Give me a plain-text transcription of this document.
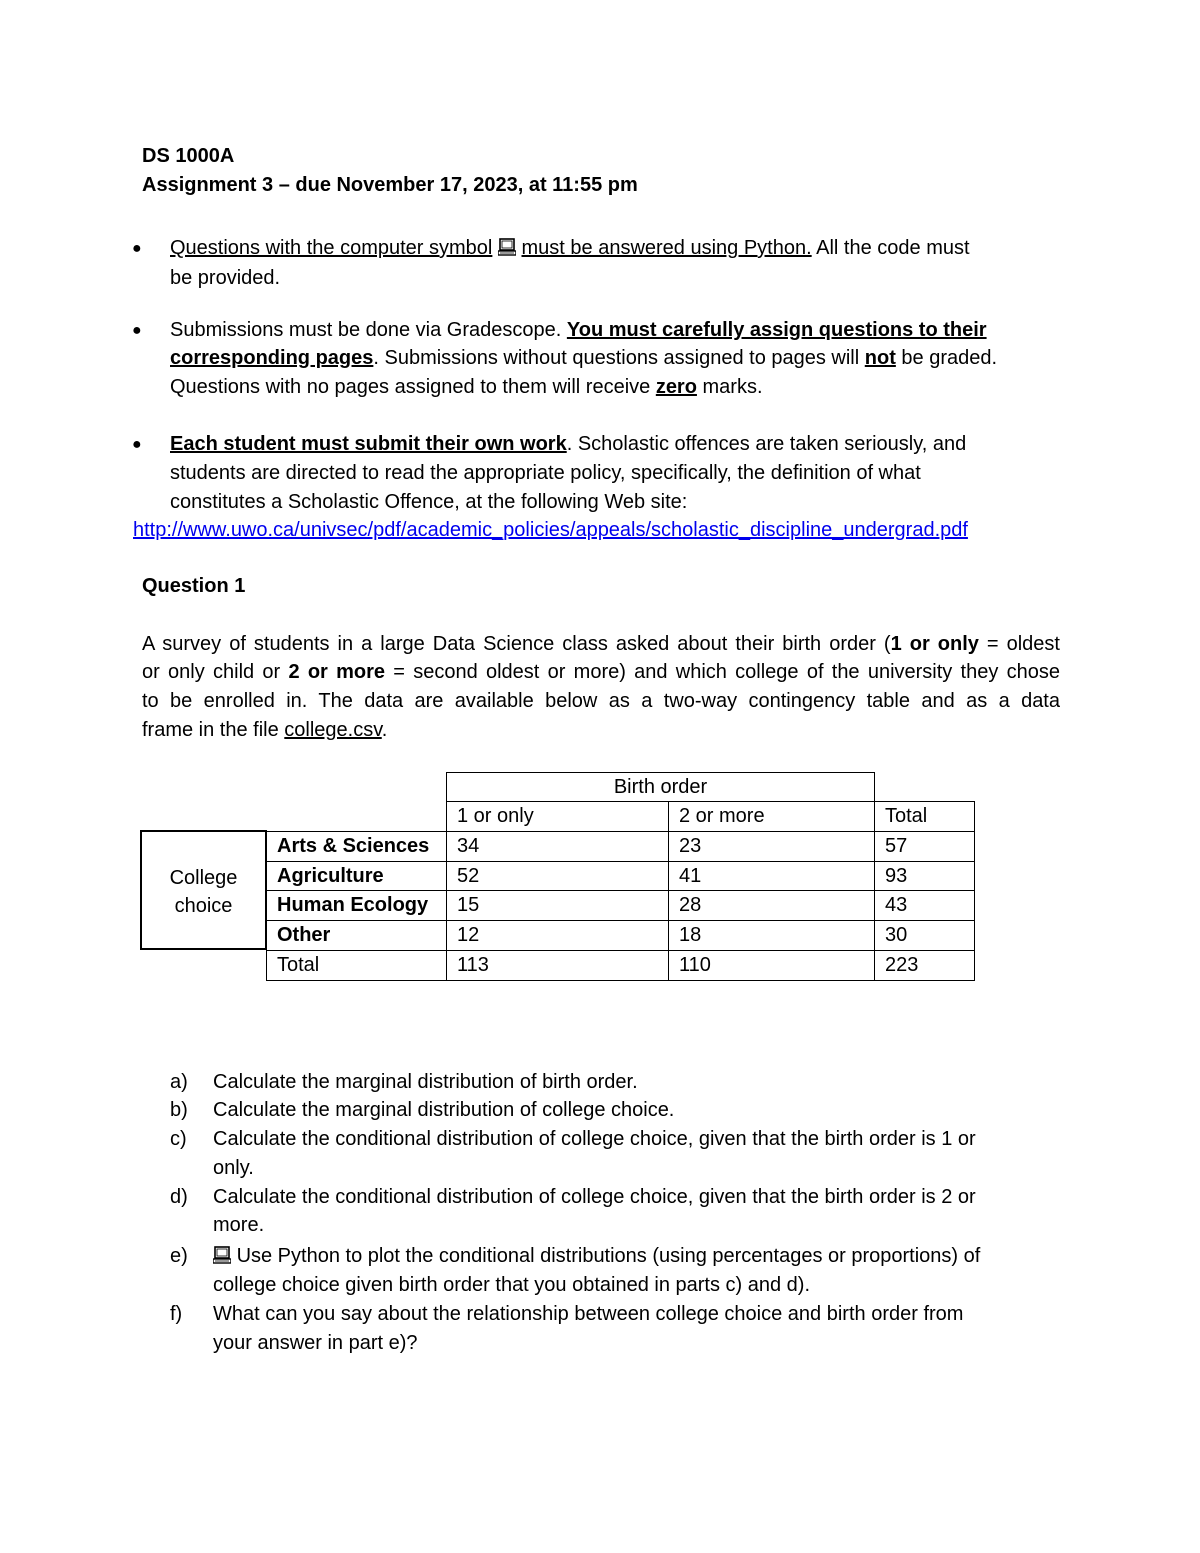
DS 1000A
Assignment 3 – due November 17, 2023, at 11:55 pm
● Questions with the computer symbol must be answered using Python. All the code must
be provided.
● Submissions must be done via Gradescope. You must carefully assign questions to their
corresponding pages. Submissions without questions assigned to pages will not be graded.
Questions with no pages assigned to them will receive zero marks.
● Each student must submit their own work. Scholastic offences are taken seriously, and
students are directed to read the appropriate policy, specifically, the definition of what
constitutes a Scholastic Offence, at the following Web site:
http://www.uwo.ca/univsec/pdf/academic_policies/appeals/scholastic_discipline_undergrad.pdf
Question 1
A survey of students in a large Data Science class asked about their birth order (1 or only = oldest
or only child or 2 or more = second oldest or more) and which college of the university they chose
to be enrolled in. The data are available below as a two-way contingency table and as a data
frame in the file college.csv.
Birth order
1 or only	2 or more	Total
College
choice
Arts & Sciences	34	23	57
Agriculture	52	41	93
Human Ecology	15	28	43
Other	12	18	30
Total	113	110	223
a) Calculate the marginal distribution of birth order.
b) Calculate the marginal distribution of college choice.
c) Calculate the conditional distribution of college choice, given that the birth order is 1 or
only.
d) Calculate the conditional distribution of college choice, given that the birth order is 2 or
more.
e)	Use Python to plot the conditional distributions (using percentages or proportions) of
college choice given birth order that you obtained in parts c) and d).
f) What can you say about the relationship between college choice and birth order from
your answer in part e)?
